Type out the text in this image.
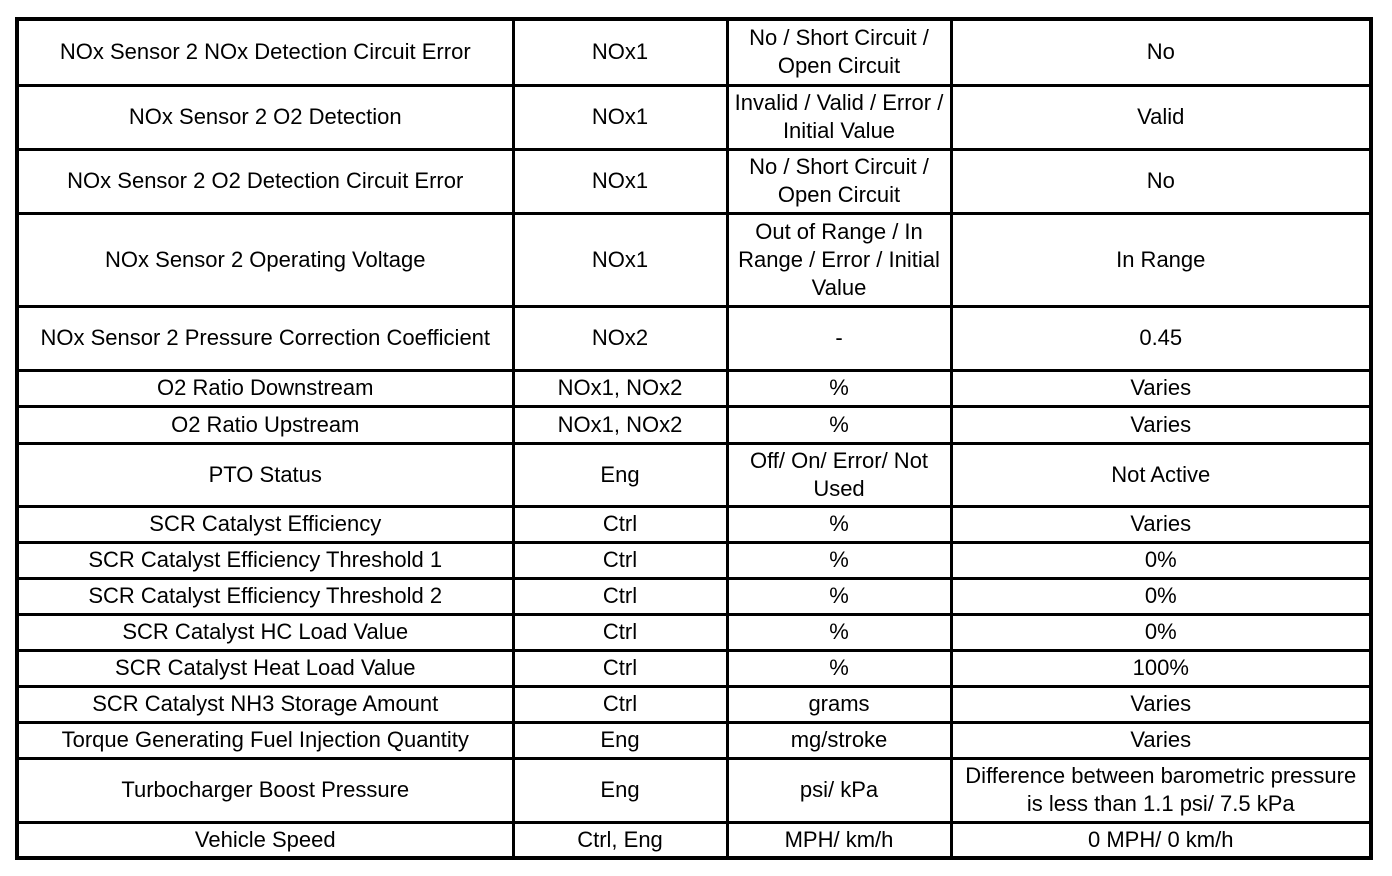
NOx Sensor 2 NOx Detection Circuit Error	NOx1	No / Short Circuit / Open Circuit	No
NOx Sensor 2 O2 Detection	NOx1	Invalid / Valid / Error / Initial Value	Valid
NOx Sensor 2 O2 Detection Circuit Error	NOx1	No / Short Circuit / Open Circuit	No
NOx Sensor 2 Operating Voltage	NOx1	Out of Range / In Range / Error / Initial Value	In Range
NOx Sensor 2 Pressure Correction Coefficient	NOx2	-	0.45
O2 Ratio Downstream	NOx1, NOx2	%	Varies
O2 Ratio Upstream	NOx1, NOx2	%	Varies
PTO Status	Eng	Off/ On/ Error/ Not Used	Not Active
SCR Catalyst Efficiency	Ctrl	%	Varies
SCR Catalyst Efficiency Threshold 1	Ctrl	%	0%
SCR Catalyst Efficiency Threshold 2	Ctrl	%	0%
SCR Catalyst HC Load Value	Ctrl	%	0%
SCR Catalyst Heat Load Value	Ctrl	%	100%
SCR Catalyst NH3 Storage Amount	Ctrl	grams	Varies
Torque Generating Fuel Injection Quantity	Eng	mg/stroke	Varies
Turbocharger Boost Pressure	Eng	psi/ kPa	Difference between barometric pressure is less than 1.1 psi/ 7.5 kPa
Vehicle Speed	Ctrl, Eng	MPH/ km/h	0 MPH/ 0 km/h
